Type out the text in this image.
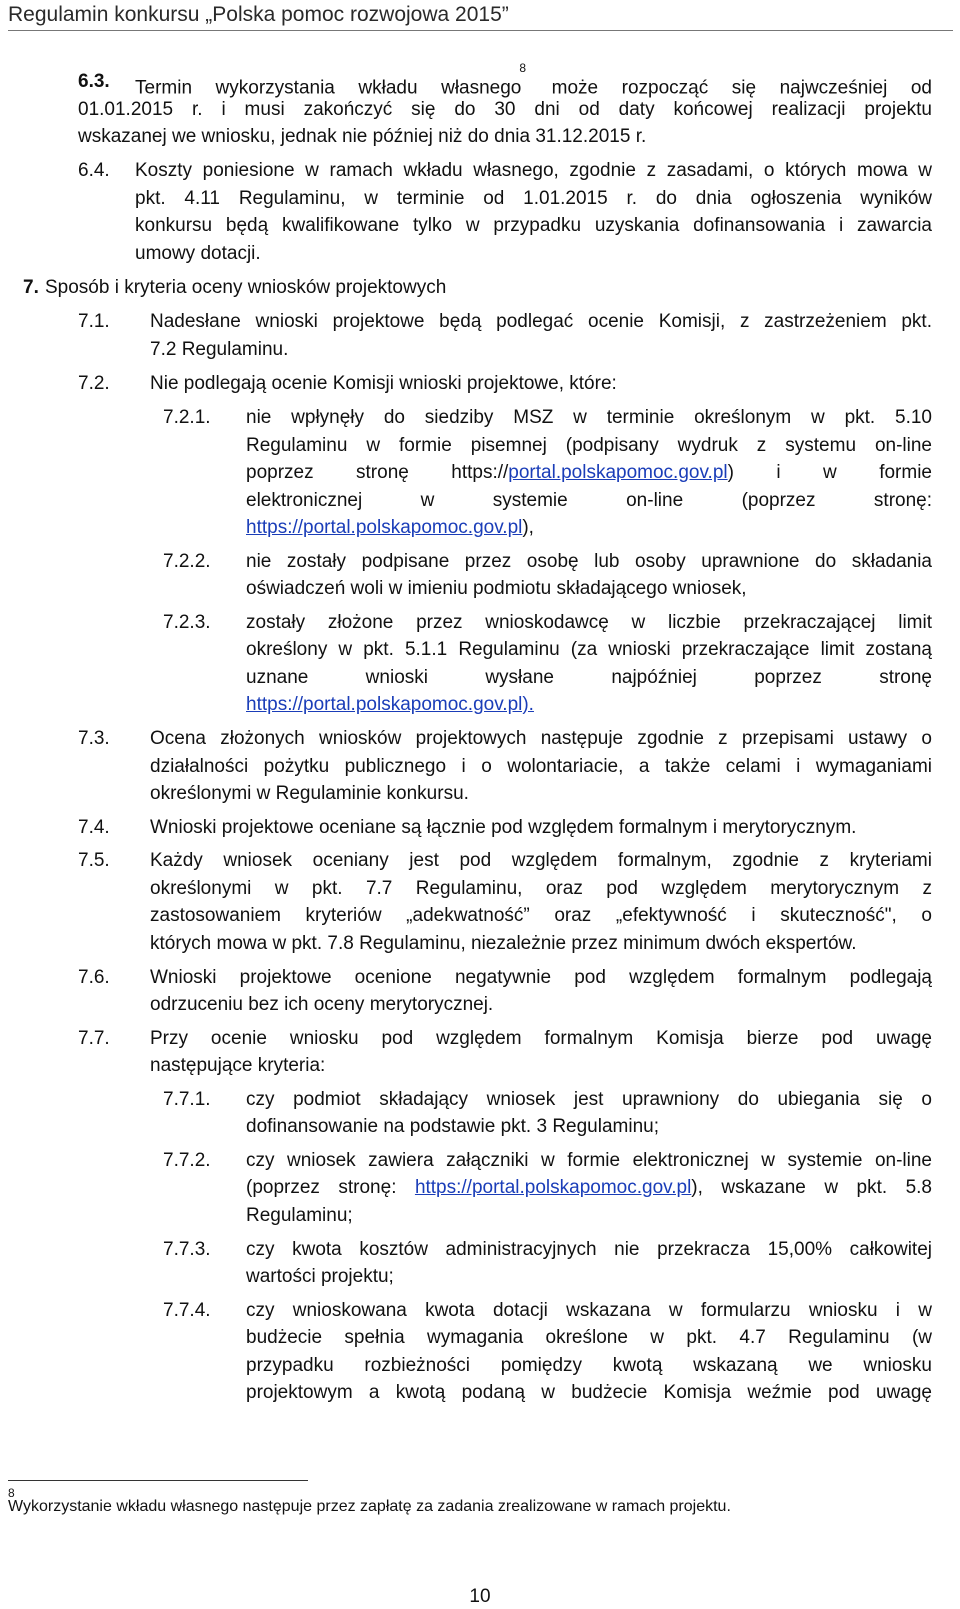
Regulamin konkursu „Polska pomoc rozwojowa 2015”
6.3. Termin wykorzystania wkładu własnego$^8$ może rozpocząć się najwcześniej od
01.01.2015 r. i musi zakończyć się do 30 dni od daty końcowej realizacji projektu
wskazanej we wniosku, jednak nie później niż do dnia 31.12.2015 r.
6.4. Koszty poniesione w ramach wkładu własnego, zgodnie z zasadami, o których mowa w
pkt. 4.11 Regulaminu, w terminie od 1.01.2015 r. do dnia ogłoszenia wyników
konkursu będą kwalifikowane tylko w przypadku uzyskania dofinansowania i zawarcia
umowy dotacji.
7. Sposób i kryteria oceny wniosków projektowych
7.1. Nadesłane wnioski projektowe będą podlegać ocenie Komisji, z zastrzeżeniem pkt.
7.2 Regulaminu.
7.2. Nie podlegają ocenie Komisji wnioski projektowe, które:
7.2.1. nie wpłynęły do siedziby MSZ w terminie określonym w pkt. 5.10
Regulaminu w formie pisemnej (podpisany wydruk z systemu on-line
poprzez stronę https://portal.polskapomoc.gov.pl) i w formie
elektronicznej w systemie on-line (poprzez stronę:
https://portal.polskapomoc.gov.pl),
7.2.2. nie zostały podpisane przez osobę lub osoby uprawnione do składania
oświadczeń woli w imieniu podmiotu składającego wniosek,
7.2.3. zostały złożone przez wnioskodawcę w liczbie przekraczającej limit
określony w pkt. 5.1.1 Regulaminu (za wnioski przekraczające limit zostaną
uznane wnioski wysłane najpóźniej poprzez stronę
https://portal.polskapomoc.gov.pl).
7.3. Ocena złożonych wniosków projektowych następuje zgodnie z przepisami ustawy o
działalności pożytku publicznego i o wolontariacie, a także celami i wymaganiami
określonymi w Regulaminie konkursu.
7.4. Wnioski projektowe oceniane są łącznie pod względem formalnym i merytorycznym.
7.5. Każdy wniosek oceniany jest pod względem formalnym, zgodnie z kryteriami
określonymi w pkt. 7.7 Regulaminu, oraz pod względem merytorycznym z
zastosowaniem kryteriów „adekwatność” oraz „efektywność i skuteczność", o
których mowa w pkt. 7.8 Regulaminu, niezależnie przez minimum dwóch ekspertów.
7.6. Wnioski projektowe ocenione negatywnie pod względem formalnym podlegają
odrzuceniu bez ich oceny merytorycznej.
7.7. Przy ocenie wniosku pod względem formalnym Komisja bierze pod uwagę
następujące kryteria:
7.7.1. czy podmiot składający wniosek jest uprawniony do ubiegania się o
dofinansowanie na podstawie pkt. 3 Regulaminu;
7.7.2. czy wniosek zawiera załączniki w formie elektronicznej w systemie on-line
(poprzez stronę: https://portal.polskapomoc.gov.pl), wskazane w pkt. 5.8
Regulaminu;
7.7.3. czy kwota kosztów administracyjnych nie przekracza 15,00% całkowitej
wartości projektu;
7.7.4. czy wnioskowana kwota dotacji wskazana w formularzu wniosku i w
budżecie spełnia wymagania określone w pkt. 4.7 Regulaminu (w
przypadku rozbieżności pomiędzy kwotą wskazaną we wniosku
projektowym a kwotą podaną w budżecie Komisja weźmie pod uwagę
8
Wykorzystanie wkładu własnego następuje przez zapłatę za zadania zrealizowane w ramach projektu.
10
